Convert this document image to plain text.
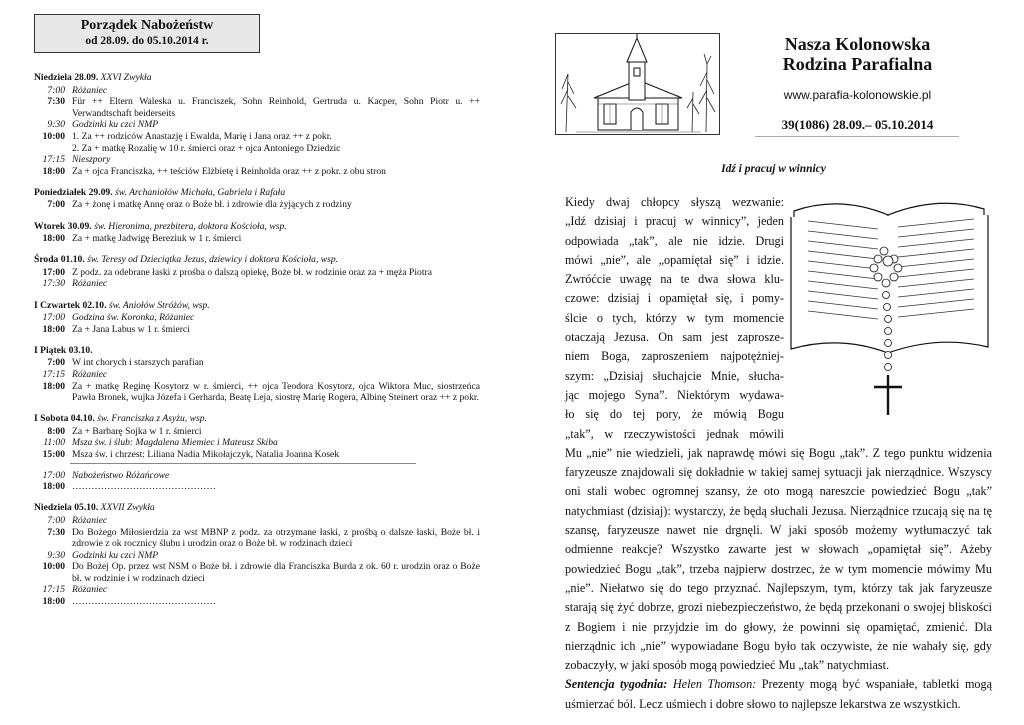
Porządek Nabożeństw
od 28.09. do 05.10.2014 r.
Niedziela 28.09. XXVI Zwykła
7:00 Różaniec
7:30 Für ++ Eltern Waleska u. Franciszek, Sohn Reinhold, Gertruda u. Kacper, Sohn Piotr u. ++ Verwandtschaft beiderseits
9:30 Godzinki ku czci NMP
10:00 1. Za ++ rodziców Anastazję i Ewalda, Marię i Jana oraz ++ z pokr.
2. Za + matkę Rozalię w 10 r. śmierci oraz + ojca Antoniego Dziedzic
17:15 Nieszpory
18:00 Za + ojca Franciszka, ++ teściów Elżbietę i Reinholda oraz ++ z pokr. z obu stron
Poniedziałek 29.09. św. Archaniołów Michała, Gabriela i Rafała
7:00 Za + żonę i matkę Annę oraz o Boże bł. i zdrowie dla żyjących z rodziny
Wtorek 30.09. św. Hieronima, prezbitera, doktora Kościoła, wsp.
18:00 Za + matkę Jadwigę Bereziuk w 1 r. śmierci
Środa 01.10. św. Teresy od Dzieciątka Jezus, dziewicy i doktora Kościoła, wsp.
17:00 Z podz. za odebrane łaski z prośba o dalszą opiekę, Boże bł. w rodzinie oraz za + męża Piotra
17:30 Różaniec
I Czwartek 02.10. św. Aniołów Stróżów, wsp.
17:00 Godzina św. Koronka, Różaniec
18:00 Za + Jana Labus w 1 r. śmierci
I Piątek 03.10.
7:00 W int chorych i starszych parafian
17:15 Różaniec
18:00 Za + matkę Reginę Kosytorz w r. śmierci, ++ ojca Teodora Kosytorz, ojca Wiktora Muc, siostrzeńca Pawła Bronek, wujka Józefa i Gerharda, Beatę Leja, siostrę Marię Rogera, Albinę Steinert oraz ++ z pokr.
I Sobota 04.10. św. Franciszka z Asyżu, wsp.
8:00 Za + Barbarę Sojka w 1 r. śmierci
11:00 Msza św. i ślub: Magdalena Miemiec i Mateusz Skiba
15:00 Msza św. i chrzest: Liliana Nadia Mikołajczyk, Natalia Joanna Kosek
17:00 Nabożeństwo Różańcowe
18:00 ………………………………………
Niedziela 05.10. XXVII Zwykła
7:00 Różaniec
7:30 Do Bożego Miłosierdzia za wst MBNP z podz. za otrzymane łaski, z prośbą o dalsze łaski, Boże bł. i zdrowie z ok rocznicy ślubu i urodzin oraz o Boże bł. w rodzinach dzieci
9:30 Godzinki ku czci NMP
10:00 Do Bożej Op. przez wst NSM o Boże bł. i zdrowie dla Franciszka Burda z ok. 60 r. urodzin oraz o Boże bł. w rodzinie i w rodzinach dzieci
17:15 Różaniec
18:00 ………………………………………
Nasza Kolonowska
Rodzina Parafialna
www.parafia-kolonowskie.pl
39(1086) 28.09.– 05.10.2014
Idź i pracuj w winnicy
Kiedy dwaj chłopcy słyszą wezwanie:
„Idź dzisiaj i pracuj w winnicy”, jeden
odpowiada „tak”, ale nie idzie. Drugi
mówi „nie”, ale „opamiętał się” i idzie.
Zwróćcie uwagę na te dwa słowa klu-
czowe: dzisiaj i opamiętał się, i pomy-
ślcie o tych, którzy w tym momencie
otaczają Jezusa. On sam jest zaprosze-
niem Boga, zaproszeniem najpotężniej-
szym: „Dzisiaj słuchajcie Mnie, słucha-
jąc mojego Syna”. Niektórym wydawa-
ło się do tej pory, że mówią Bogu
„tak”, w rzeczywistości jednak mówili
Mu „nie” nie wiedzieli, jak naprawdę mówi się Bogu „tak”. Z tego punktu widzenia faryzeusze znajdowali się dokładnie w takiej samej sytuacji jak nierządnice. Wszyscy oni stali wobec ogromnej szansy, że oto mogą nareszcie powiedzieć Bogu „tak” natychmiast (dzisiaj): wystarczy, że będą słuchali Jezusa. Nierządnice rzucają się na tę szansę, faryzeusze nawet nie drgnęli. W jaki sposób możemy wytłumaczyć tak odmienne reakcje? Wszystko zawarte jest w słowach „opamiętał się”. Ażeby powiedzieć Bogu „tak”, trzeba najpierw dostrzec, że w tym momencie mówimy Mu „nie”. Niełatwo się do tego przyznać. Najlepszym, tym, którzy tak jak faryzeusze starają się żyć dobrze, grozi niebezpieczeństwo, że będą przekonani o swojej bliskości z Bogiem i nie przyjdzie im do głowy, że powinni się opamiętać, zmienić. Dla nierządnic ich „nie” wypowiadane Bogu było tak oczywiste, że nie wahały się, gdy zobaczyły, w jaki sposób mogą powiedzieć Mu „tak” natychmiast.
Sentencja tygodnia: Helen Thomson: Prezenty mogą być wspaniałe, tabletki mogą uśmierzać ból. Lecz uśmiech i dobre słowo to najlepsze lekarstwa ze wszystkich.
